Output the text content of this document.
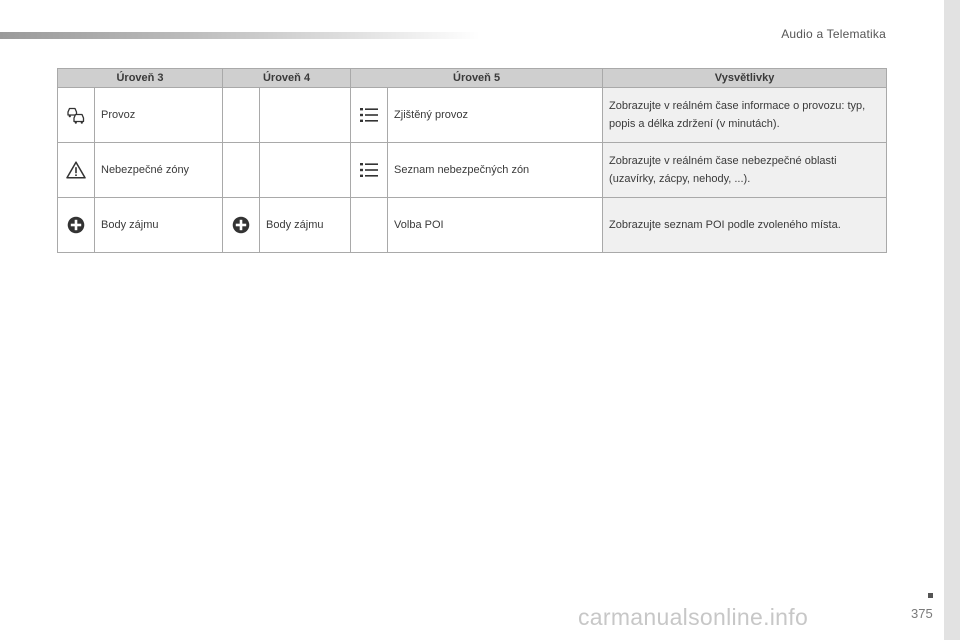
Audio a Telematika
Úroveň 3		Úroveň 4		Úroveň 5		Vysvětlivky

	Provoz				Zjištěný provoz	Zobrazujte v reálném čase informace o provozu: typ, popis a délka zdržení (v minutách).

	Nebezpečné zóny				Seznam nebezpečných zón	Zobrazujte v reálném čase nebezpečné oblasti (uzavírky, zácpy, nehody, ...).

	Body zájmu		Body zájmu		Volba POI	Zobrazujte seznam POI podle zvoleného místa.
375
carmanualsonline.info
